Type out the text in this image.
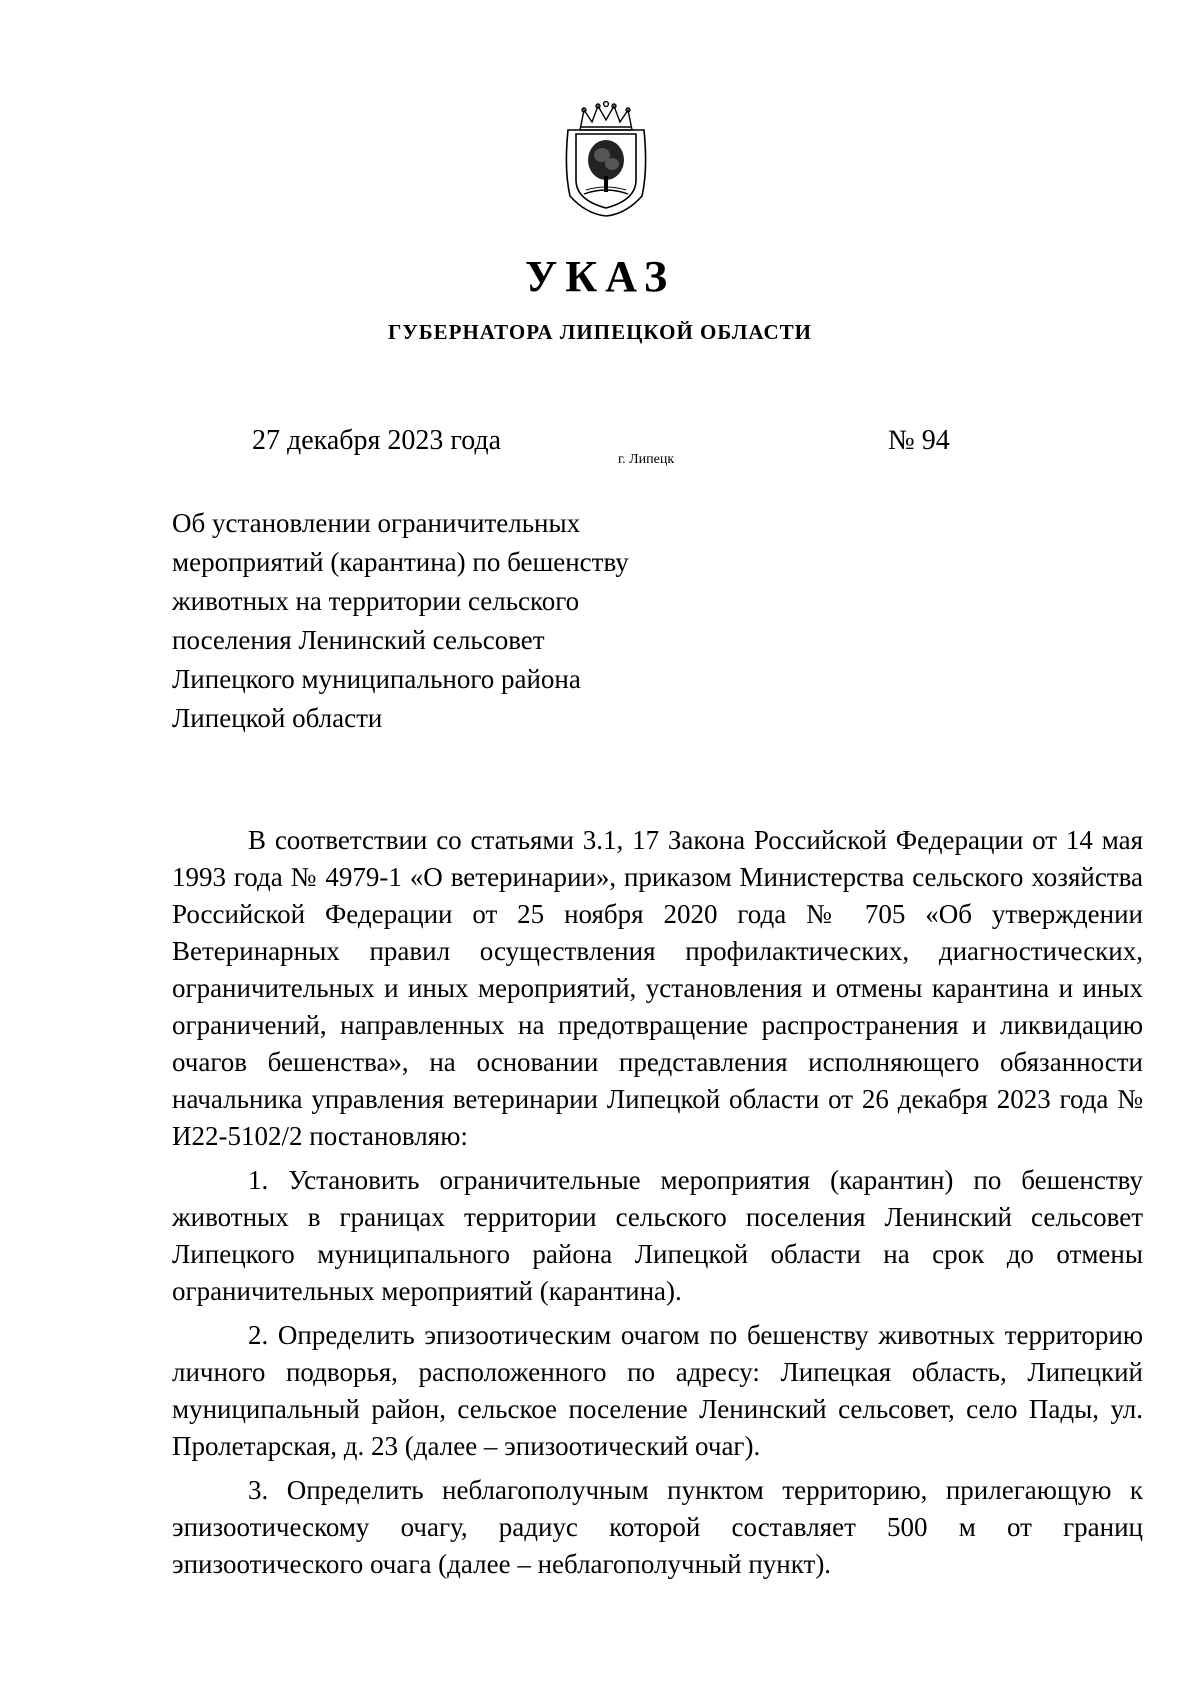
УКАЗ
ГУБЕРНАТОРА ЛИПЕЦКОЙ ОБЛАСТИ
27 декабря 2023 года
г. Липецк
№ 94
Об установлении ограничительных
мероприятий (карантина) по бешенству
животных на территории сельского
поселения Ленинский сельсовет
Липецкого муниципального района
Липецкой области

В соответствии со статьями 3.1, 17 Закона Российской Федерации от 14 мая 1993 года № 4979-1 «О ветеринарии», приказом Министерства сельского хозяйства Российской Федерации от 25 ноября 2020 года № 705 «Об утверждении Ветеринарных правил осуществления профилактических, диагностических, ограничительных и иных мероприятий, установления и отмены карантина и иных ограничений, направленных на предотвращение распространения и ликвидацию очагов бешенства», на основании представления исполняющего обязанности начальника управления ветеринарии Липецкой области от 26 декабря 2023 года № И22-5102/2 постановляю:

1. Установить ограничительные мероприятия (карантин) по бешенству животных в границах территории сельского поселения Ленинский сельсовет Липецкого муниципального района Липецкой области на срок до отмены ограничительных мероприятий (карантина).

2. Определить эпизоотическим очагом по бешенству животных территорию личного подворья, расположенного по адресу: Липецкая область, Липецкий муниципальный район, сельское поселение Ленинский сельсовет, село Пады, ул. Пролетарская, д. 23 (далее – эпизоотический очаг).

3. Определить неблагополучным пунктом территорию, прилегающую к эпизоотическому очагу, радиус которой составляет 500 м от границ эпизоотического очага (далее – неблагополучный пункт).
